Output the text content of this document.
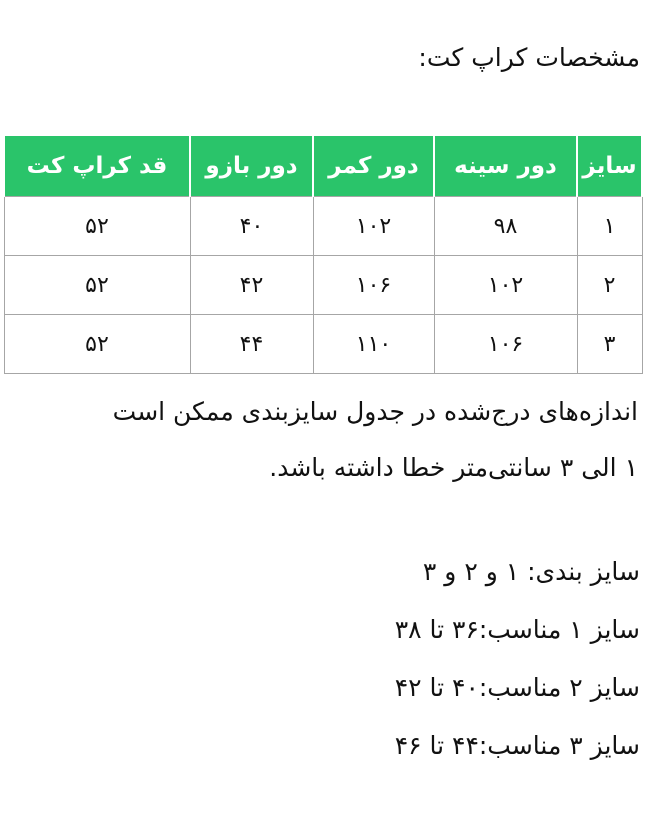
مشخصات کراپ کت:
سایز	دور سینه	دور کمر	دور بازو	قد کراپ کت
۱	۹۸	۱۰۲	۴۰	۵۲
۲	۱۰۲	۱۰۶	۴۲	۵۲
۳	۱۰۶	۱۱۰	۴۴	۵۲
اندازه‌های درج‌شده در جدول سایزبندی ممکن است
۱ الی ۳ سانتی‌متر خطا داشته باشد.
سایز بندی: ۱ و ۲ و ۳
سایز ۱ مناسب:۳۶ تا ۳۸
سایز ۲ مناسب:۴۰ تا ۴۲
سایز ۳ مناسب:۴۴ تا ۴۶
